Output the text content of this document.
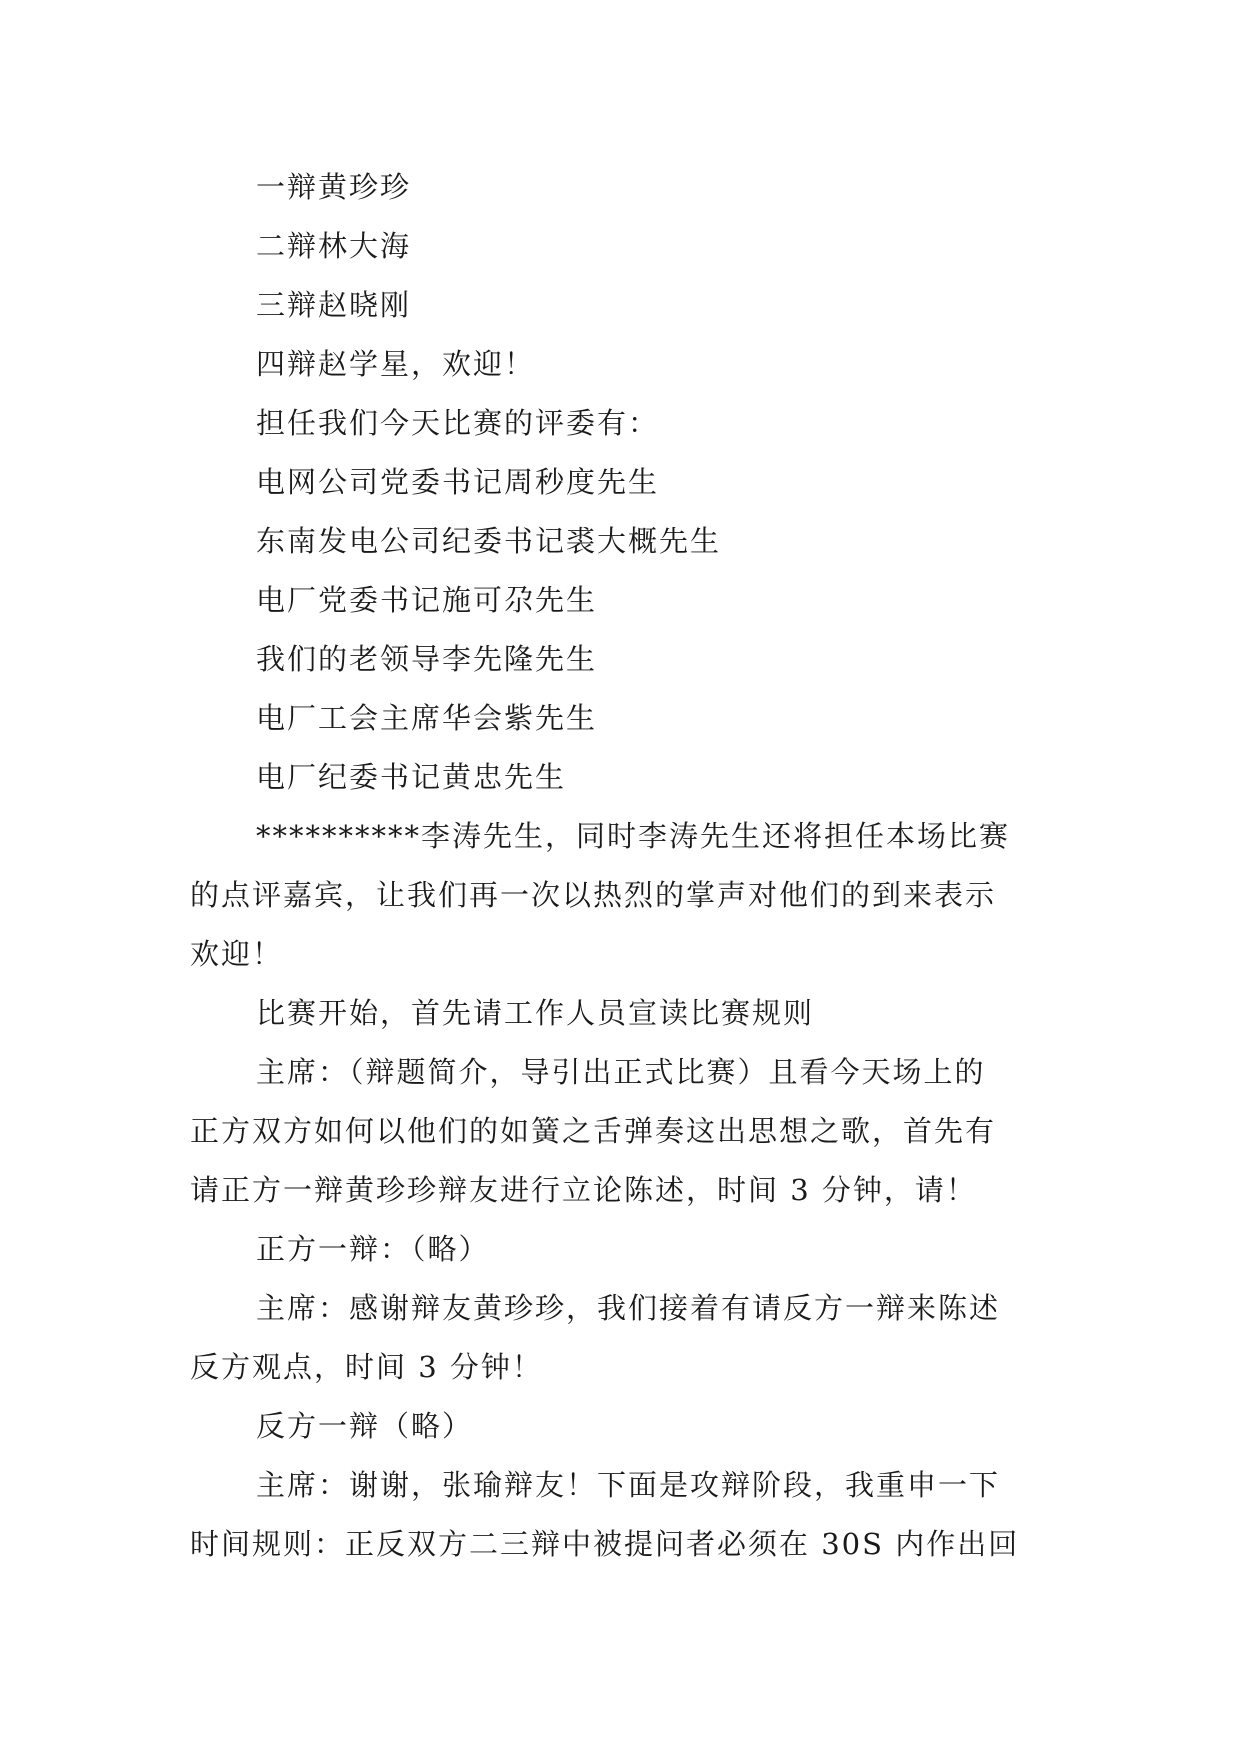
一辩黄珍珍
二辩林大海
三辩赵晓刚
四辩赵学星，欢迎！
担任我们今天比赛的评委有：
电网公司党委书记周秒度先生
东南发电公司纪委书记裘大概先生
电厂党委书记施可尕先生
我们的老领导李先隆先生
电厂工会主席华会紫先生
电厂纪委书记黄忠先生
**********李涛先生，同时李涛先生还将担任本场比赛
的点评嘉宾，让我们再一次以热烈的掌声对他们的到来表示
欢迎！
比赛开始，首先请工作人员宣读比赛规则
主席：（辩题简介，导引出正式比赛）且看今天场上的
正方双方如何以他们的如簧之舌弹奏这出思想之歌，首先有
请正方一辩黄珍珍辩友进行立论陈述，时间 3 分钟，请！
正方一辩：（略）
主席：感谢辩友黄珍珍，我们接着有请反方一辩来陈述
反方观点，时间 3 分钟！
反方一辩（略）
主席：谢谢，张瑜辩友！下面是攻辩阶段，我重申一下
时间规则：正反双方二三辩中被提问者必须在 30S 内作出回
